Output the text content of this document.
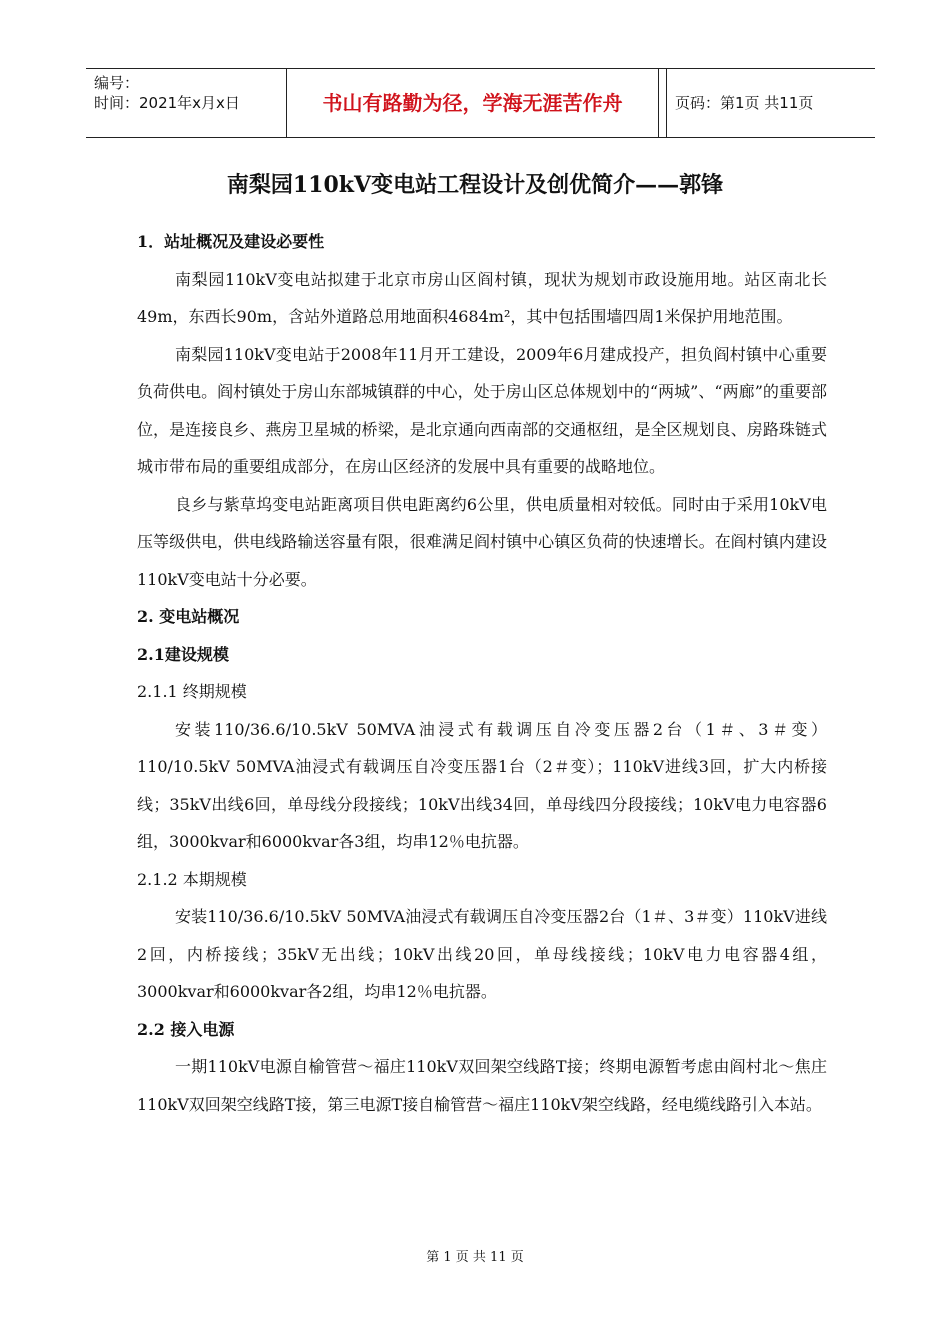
编号：
时间：2021年x月x日	书山有路勤为径，学海无涯苦作舟	页码：第1页 共11页
南梨园110kV变电站工程设计及创优简介——郭锋

1．站址概况及建设必要性

南梨园110kV变电站拟建于北京市房山区阎村镇，现状为规划市政设施用地。站区南北长49m，东西长90m，含站外道路总用地面积4684m²，其中包括围墙四周1米保护用地范围。

南梨园110kV变电站于2008年11月开工建设，2009年6月建成投产，担负阎村镇中心重要负荷供电。阎村镇处于房山东部城镇群的中心，处于房山区总体规划中的“两城”、“两廊”的重要部位，是连接良乡、燕房卫星城的桥梁，是北京通向西南部的交通枢纽，是全区规划良、房路珠链式城市带布局的重要组成部分，在房山区经济的发展中具有重要的战略地位。

良乡与紫草坞变电站距离项目供电距离约6公里，供电质量相对较低。同时由于采用10kV电压等级供电，供电线路输送容量有限，很难满足阎村镇中心镇区负荷的快速增长。在阎村镇内建设110kV变电站十分必要。

2. 变电站概况

2.1建设规模

2.1.1 终期规模

安装110/36.6/10.5kV 50MVA油浸式有载调压自冷变压器2台（1＃、3＃变）110/10.5kV 50MVA油浸式有载调压自冷变压器1台（2＃变）；110kV进线3回，扩大内桥接线；35kV出线6回，单母线分段接线；10kV出线34回，单母线四分段接线；10kV电力电容器6组，3000kvar和6000kvar各3组，均串12％电抗器。

2.1.2 本期规模

安装110/36.6/10.5kV 50MVA油浸式有载调压自冷变压器2台（1＃、3＃变）110kV进线2回，内桥接线；35kV无出线；10kV出线20回，单母线接线；10kV电力电容器4组，3000kvar和6000kvar各2组，均串12％电抗器。

2.2 接入电源

一期110kV电源自榆管营～福庄110kV双回架空线路T接；终期电源暂考虑由阎村北～焦庄110kV双回架空线路T接，第三电源T接自榆管营～福庄110kV架空线路，经电缆线路引入本站。

第 1 页 共 11 页
